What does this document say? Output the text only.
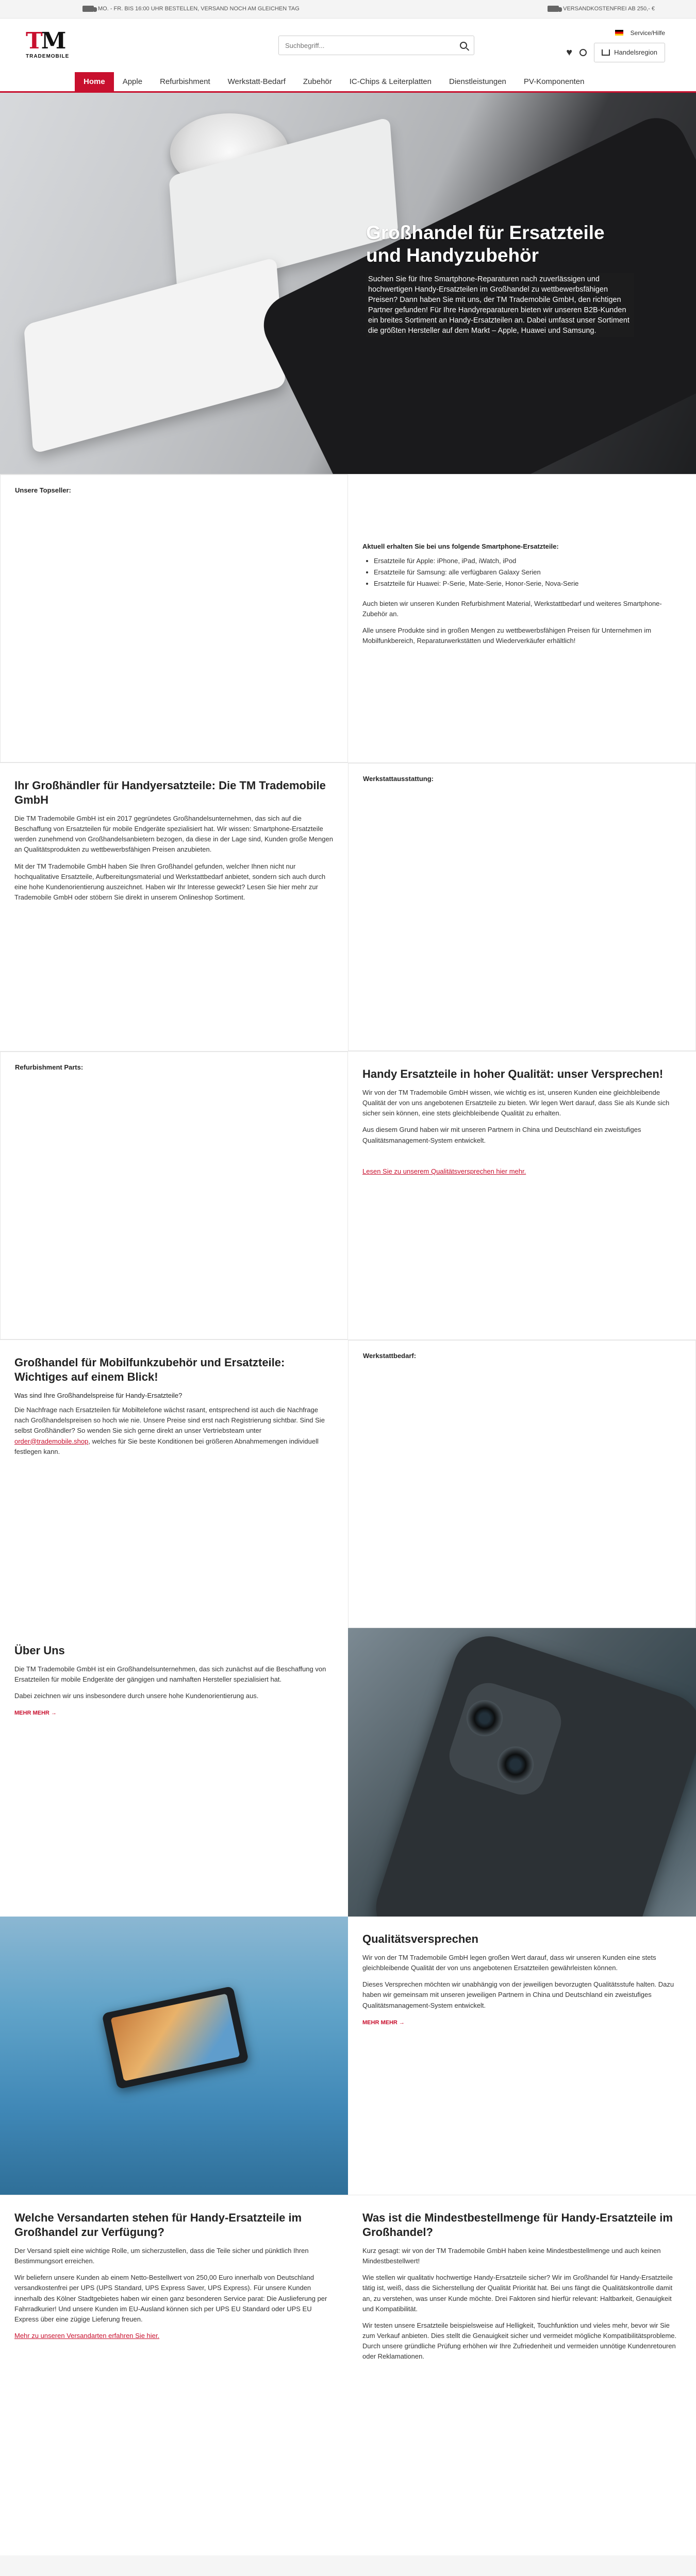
MO. - FR. BIS 16:00 UHR BESTELLEN, VERSAND NOCH AM GLEICHEN TAG	VERSANDKOSTENFREI AB 250,- €
TM
TRADEMOBILE
Suchbegriff...
Service/Hilfe
♥	Handelsregion
Home	Apple	Refurbishment	Werkstatt-Bedarf	Zubehör	IC-Chips & Leiterplatten	Dienstleistungen	PV-Komponenten
Großhandel für Ersatzteile und Handyzubehör
Suchen Sie für Ihre Smartphone-Reparaturen nach zuverlässigen und hochwertigen Handy-Ersatzteilen im Großhandel zu wettbewerbsfähigen Preisen? Dann haben Sie mit uns, der TM Trademobile GmbH, den richtigen Partner gefunden! Für Ihre Handyreparaturen bieten wir unseren B2B-Kunden ein breites Sortiment an Handy-Ersatzteilen an. Dabei umfasst unser Sortiment die größten Hersteller auf dem Markt – Apple, Huawei und Samsung.
Unsere Topseller:
Aktuell erhalten Sie bei uns folgende Smartphone-Ersatzteile:
• Ersatzteile für Apple: iPhone, iPad, iWatch, iPod
• Ersatzteile für Samsung: alle verfügbaren Galaxy Serien
• Ersatzteile für Huawei: P-Serie, Mate-Serie, Honor-Serie, Nova-Serie

Auch bieten wir unseren Kunden Refurbishment Material, Werkstattbedarf und weiteres Smartphone-Zubehör an.

Alle unsere Produkte sind in großen Mengen zu wettbewerbsfähigen Preisen für Unternehmen im Mobilfunkbereich, Reparaturwerkstätten und Wiederverkäufer erhältlich!

Ihr Großhändler für Handyersatzteile: Die TM Trademobile GmbH

Die TM Trademobile GmbH ist ein 2017 gegründetes Großhandelsunternehmen, das sich auf die Beschaffung von Ersatzteilen für mobile Endgeräte spezialisiert hat. Wir wissen: Smartphone-Ersatzteile werden zunehmend von Großhandelsanbietern bezogen, da diese in der Lage sind, Kunden große Mengen an Qualitätsprodukten zu wettbewerbsfähigen Preisen anzubieten.

Mit der TM Trademobile GmbH haben Sie Ihren Großhandel gefunden, welcher Ihnen nicht nur hochqualitative Ersatzteile, Aufbereitungsmaterial und Werkstattbedarf anbietet, sondern sich auch durch eine hohe Kundenorientierung auszeichnet. Haben wir Ihr Interesse geweckt? Lesen Sie hier mehr zur Trademobile GmbH oder stöbern Sie direkt in unserem Onlineshop Sortiment.

Werkstattausstattung:
Refurbishment Parts:
Handy Ersatzteile in hoher Qualität: unser Versprechen!

Wir von der TM Trademobile GmbH wissen, wie wichtig es ist, unseren Kunden eine gleichbleibende Qualität der von uns angebotenen Ersatzteile zu bieten. Wir legen Wert darauf, dass Sie als Kunde sich sicher sein können, eine stets gleichbleibende Qualität zu erhalten.

Aus diesem Grund haben wir mit unseren Partnern in China und Deutschland ein zweistufiges Qualitätsmanagement-System entwickelt.

Lesen Sie zu unserem Qualitätsversprechen hier mehr.

Großhandel für Mobilfunkzubehör und Ersatzteile: Wichtiges auf einem Blick!
Was sind Ihre Großhandelspreise für Handy-Ersatzteile?

Die Nachfrage nach Ersatzteilen für Mobiltelefone wächst rasant, entsprechend ist auch die Nachfrage nach Großhandelspreisen so hoch wie nie. Unsere Preise sind erst nach Registrierung sichtbar. Sind Sie selbst Großhändler? So wenden Sie sich gerne direkt an unser Vertriebsteam unter order@trademobile.shop, welches für Sie beste Konditionen bei größeren Abnahmemengen individuell festlegen kann.

Werkstattbedarf:
Über Uns

Die TM Trademobile GmbH ist ein Großhandelsunternehmen, das sich zunächst auf die Beschaffung von Ersatzteilen für mobile Endgeräte der gängigen und namhaften Hersteller spezialisiert hat.

Dabei zeichnen wir uns insbesondere durch unsere hohe Kundenorientierung aus.

MEHR MEHR →
Qualitätsversprechen

Wir von der TM Trademobile GmbH legen großen Wert darauf, dass wir unseren Kunden eine stets gleichbleibende Qualität der von uns angebotenen Ersatzteilen gewährleisten können.

Dieses Versprechen möchten wir unabhängig von der jeweiligen bevorzugten Qualitätsstufe halten. Dazu haben wir gemeinsam mit unseren jeweiligen Partnern in China und Deutschland ein zweistufiges Qualitätsmanagement-System entwickelt.

MEHR MEHR →
Welche Versandarten stehen für Handy-Ersatzteile im Großhandel zur Verfügung?

Der Versand spielt eine wichtige Rolle, um sicherzustellen, dass die Teile sicher und pünktlich Ihren Bestimmungsort erreichen.

Wir beliefern unsere Kunden ab einem Netto-Bestellwert von 250,00 Euro innerhalb von Deutschland versandkostenfrei per UPS (UPS Standard, UPS Express Saver, UPS Express). Für unsere Kunden innerhalb des Kölner Stadtgebietes haben wir einen ganz besonderen Service parat: Die Auslieferung per Fahrradkurier! Und unsere Kunden im EU-Ausland können sich per UPS EU Standard oder UPS EU Express über eine zügige Lieferung freuen.

Mehr zu unseren Versandarten erfahren Sie hier.

Was ist die Mindestbestellmenge für Handy-Ersatzteile im Großhandel?

Kurz gesagt: wir von der TM Trademobile GmbH haben keine Mindestbestellmenge und auch keinen Mindestbestellwert!

Wie stellen wir qualitativ hochwertige Handy-Ersatzteile sicher? Wir im Großhandel für Handy-Ersatzteile tätig ist, weiß, dass die Sicherstellung der Qualität Priorität hat. Bei uns fängt die Qualitätskontrolle damit an, zu verstehen, was unser Kunde möchte. Drei Faktoren sind hierfür relevant: Haltbarkeit, Genauigkeit und Kompatibilität.

Wir testen unsere Ersatzteile beispielsweise auf Helligkeit, Touchfunktion und vieles mehr, bevor wir Sie zum Verkauf anbieten. Dies stellt die Genauigkeit sicher und vermeidet mögliche Kompatibilitätsprobleme. Durch unsere gründliche Prüfung erhöhen wir Ihre Zufriedenheit und vermeiden unnötige Kundenretouren oder Reklamationen.
